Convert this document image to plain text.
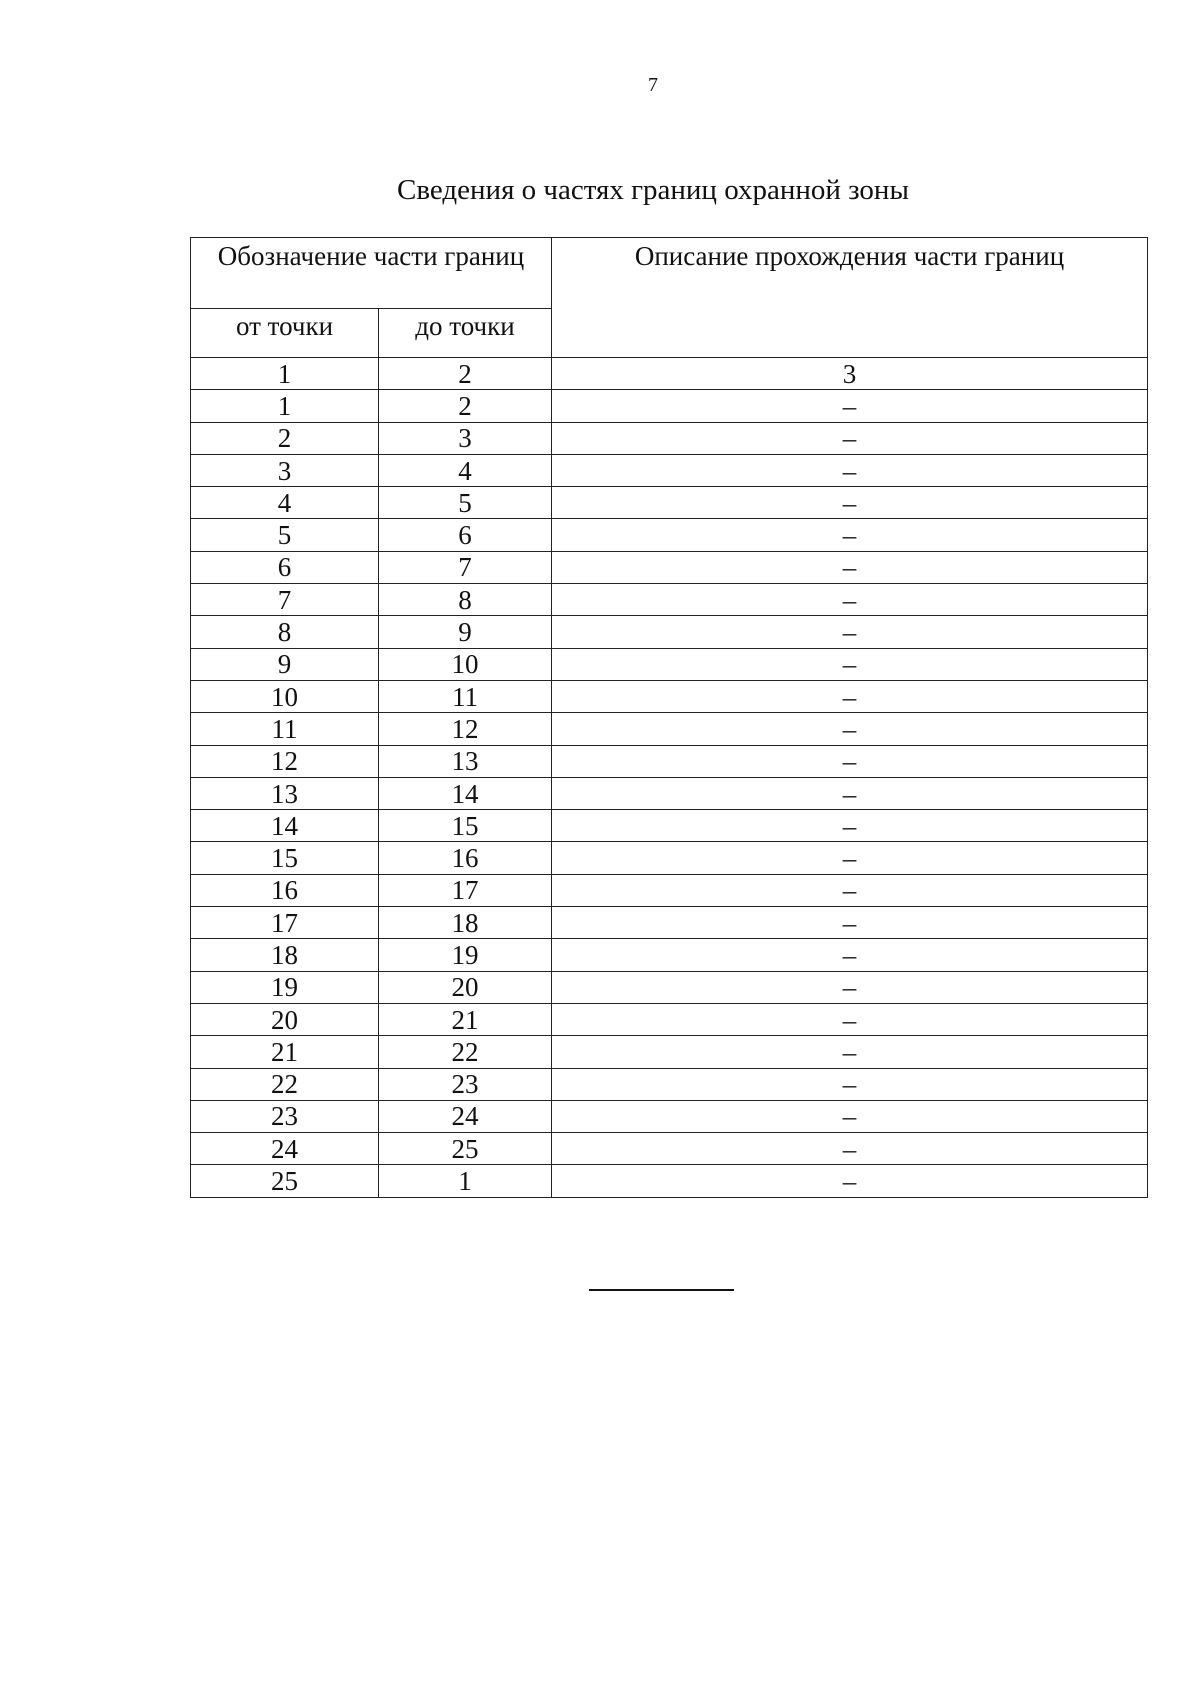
7
Сведения о частях границ охранной зоны
Обозначение части границ		Описание прохождения части границ
от точки	до точки	
1	2	3
1	2	–
2	3	–
3	4	–
4	5	–
5	6	–
6	7	–
7	8	–
8	9	–
9	10	–
10	11	–
11	12	–
12	13	–
13	14	–
14	15	–
15	16	–
16	17	–
17	18	–
18	19	–
19	20	–
20	21	–
21	22	–
22	23	–
23	24	–
24	25	–
25	1	–
